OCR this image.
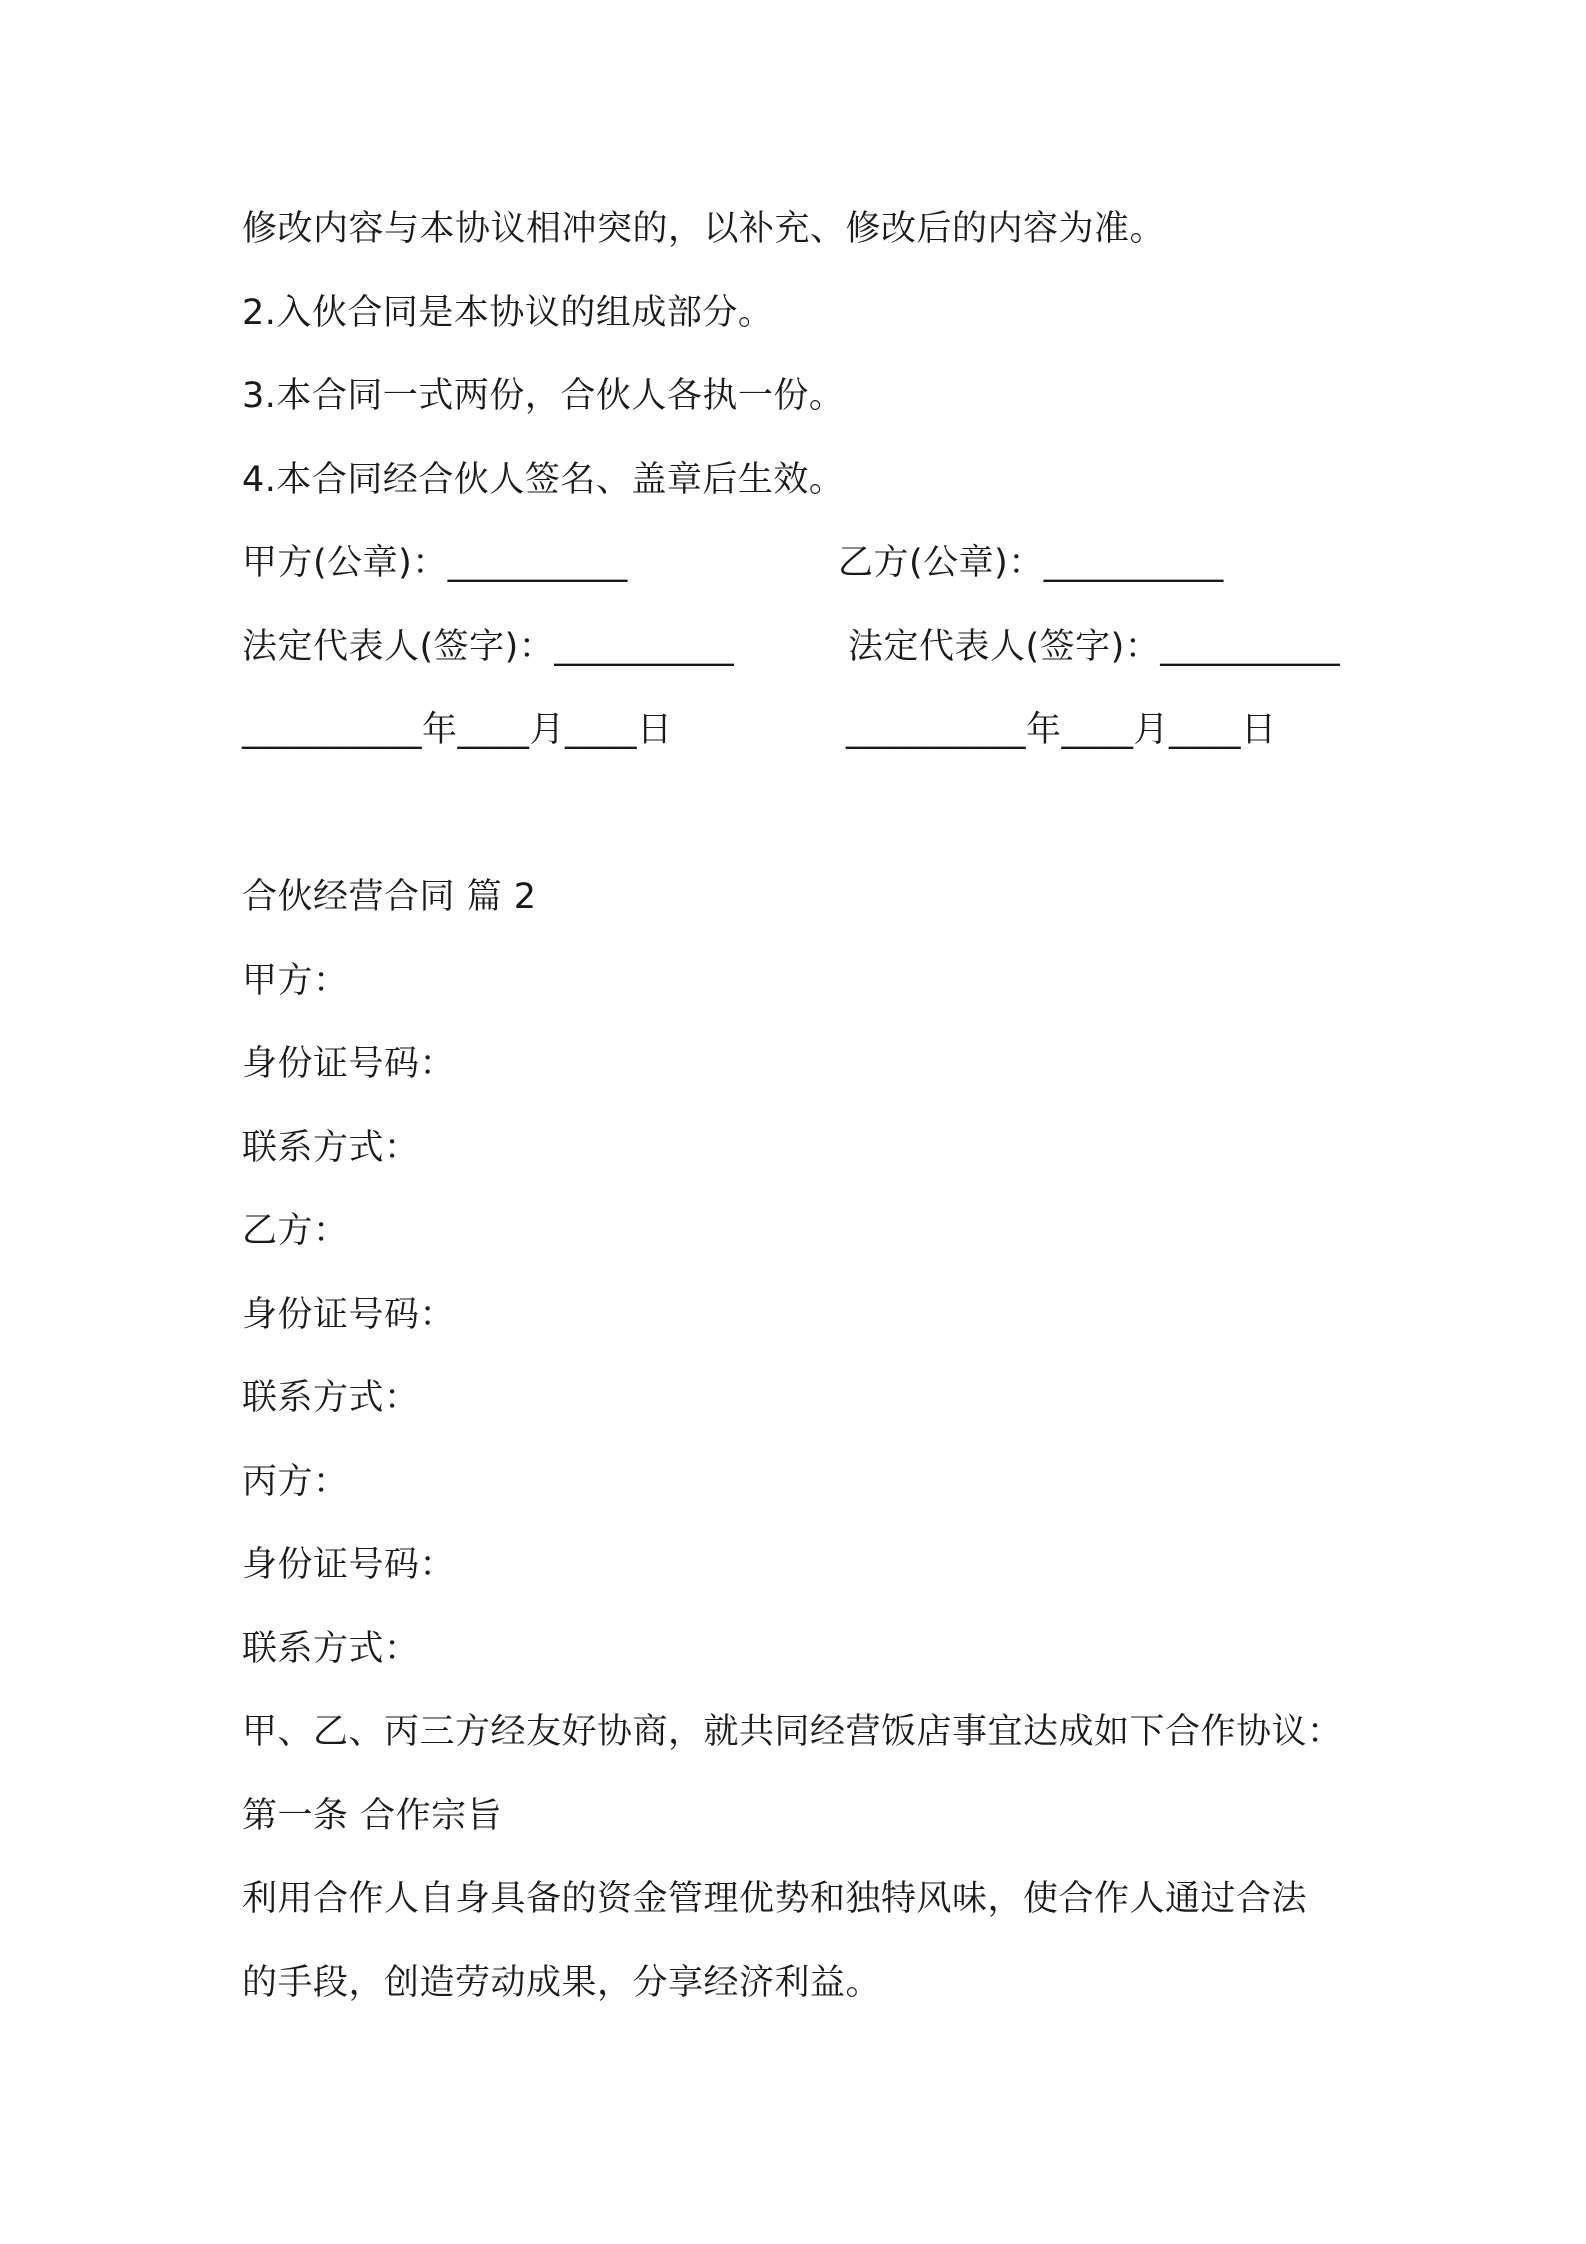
修改内容与本协议相冲突的，以补充、修改后的内容为准。
2.入伙合同是本协议的组成部分。
3.本合同一式两份，合伙人各执一份。
4.本合同经合伙人签名、盖章后生效。
甲方(公章)：__________	乙方(公章)：__________
法定代表人(签字)：__________	法定代表人(签字)：__________
__________年____月____日	__________年____月____日
合伙经营合同 篇 2
甲方：
身份证号码：
联系方式：
乙方：
身份证号码：
联系方式：
丙方：
身份证号码：
联系方式：
甲、乙、丙三方经友好协商，就共同经营饭店事宜达成如下合作协议：
第一条 合作宗旨
利用合作人自身具备的资金管理优势和独特风味，使合作人通过合法
的手段，创造劳动成果，分享经济利益。
